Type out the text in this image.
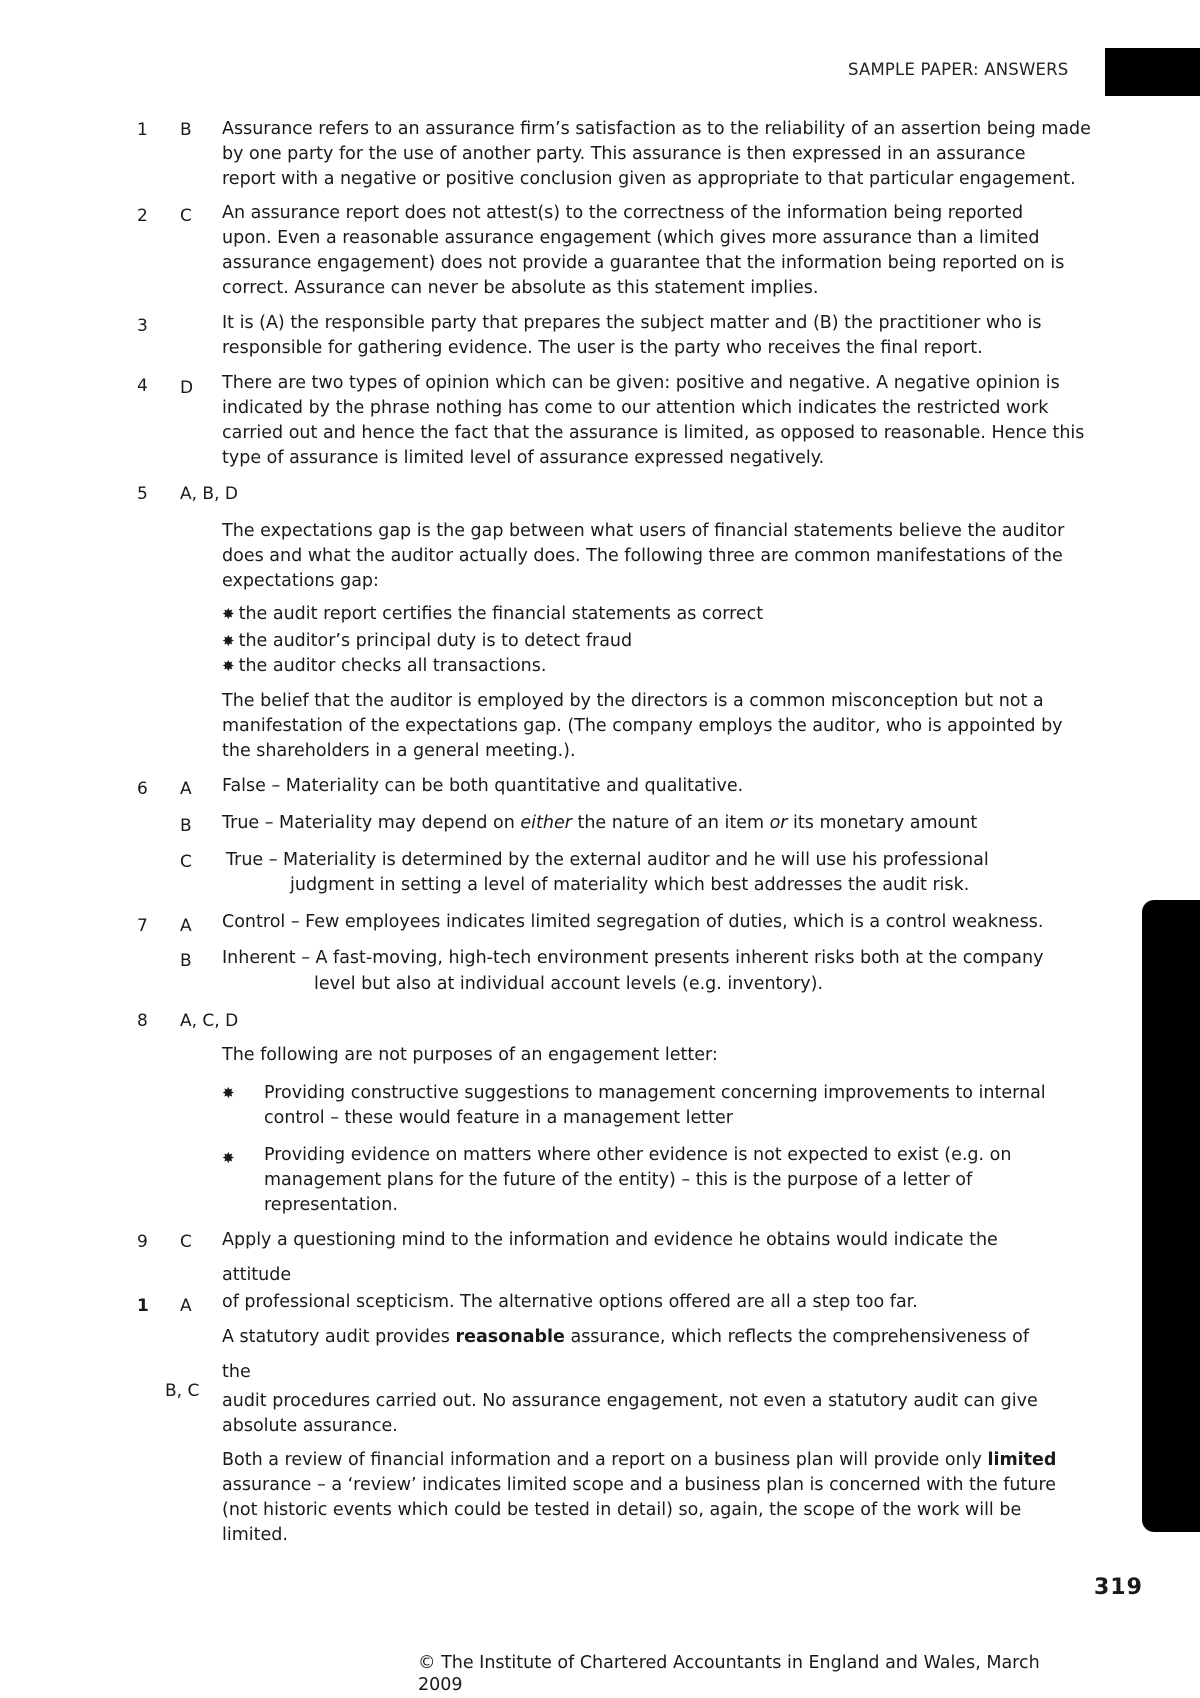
SAMPLE PAPER: ANSWERS
1 B Assurance refers to an assurance firm’s satisfaction as to the reliability of an assertion being made
by one party for the use of another party. This assurance is then expressed in an assurance
report with a negative or positive conclusion given as appropriate to that particular engagement.
2 C An assurance report does not attest(s) to the correctness of the information being reported
upon. Even a reasonable assurance engagement (which gives more assurance than a limited
assurance engagement) does not provide a guarantee that the information being reported on is
correct. Assurance can never be absolute as this statement implies.
3	It is (A) the responsible party that prepares the subject matter and (B) the practitioner who is
responsible for gathering evidence. The user is the party who receives the final report.
4 D There are two types of opinion which can be given: positive and negative. A negative opinion is
indicated by the phrase nothing has come to our attention which indicates the restricted work
carried out and hence the fact that the assurance is limited, as opposed to reasonable. Hence this
type of assurance is limited level of assurance expressed negatively.
5 A, B, D
The expectations gap is the gap between what users of financial statements believe the auditor
does and what the auditor actually does. The following three are common manifestations of the
expectations gap:
✸ the audit report certifies the financial statements as correct
✸ the auditor’s principal duty is to detect fraud
✸ the auditor checks all transactions.
The belief that the auditor is employed by the directors is a common misconception but not a
manifestation of the expectations gap. (The company employs the auditor, who is appointed by
the shareholders in a general meeting.).
6 A False – Materiality can be both quantitative and qualitative.
B True – Materiality may depend on either the nature of an item or its monetary amount
C True – Materiality is determined by the external auditor and he will use his professional
judgment in setting a level of materiality which best addresses the audit risk.
7 A Control – Few employees indicates limited segregation of duties, which is a control weakness.
B Inherent – A fast-moving, high-tech environment presents inherent risks both at the company
level but also at individual account levels (e.g. inventory).
8 A, C, D
The following are not purposes of an engagement letter:
✸ Providing constructive suggestions to management concerning improvements to internal
control – these would feature in a management letter
✸ Providing evidence on matters where other evidence is not expected to exist (e.g. on
management plans for the future of the entity) – this is the purpose of a letter of
representation.
9 C Apply a questioning mind to the information and evidence he obtains would indicate the
attitude
1 A of professional scepticism. The alternative options offered are all a step too far.
A statutory audit provides reasonable assurance, which reflects the comprehensiveness of
the
B, C audit procedures carried out. No assurance engagement, not even a statutory audit can give
absolute assurance.
Both a review of financial information and a report on a business plan will provide only limited
assurance – a ‘review’ indicates limited scope and a business plan is concerned with the future
(not historic events which could be tested in detail) so, again, the scope of the work will be
limited.
319
© The Institute of Chartered Accountants in England and Wales, March
2009
